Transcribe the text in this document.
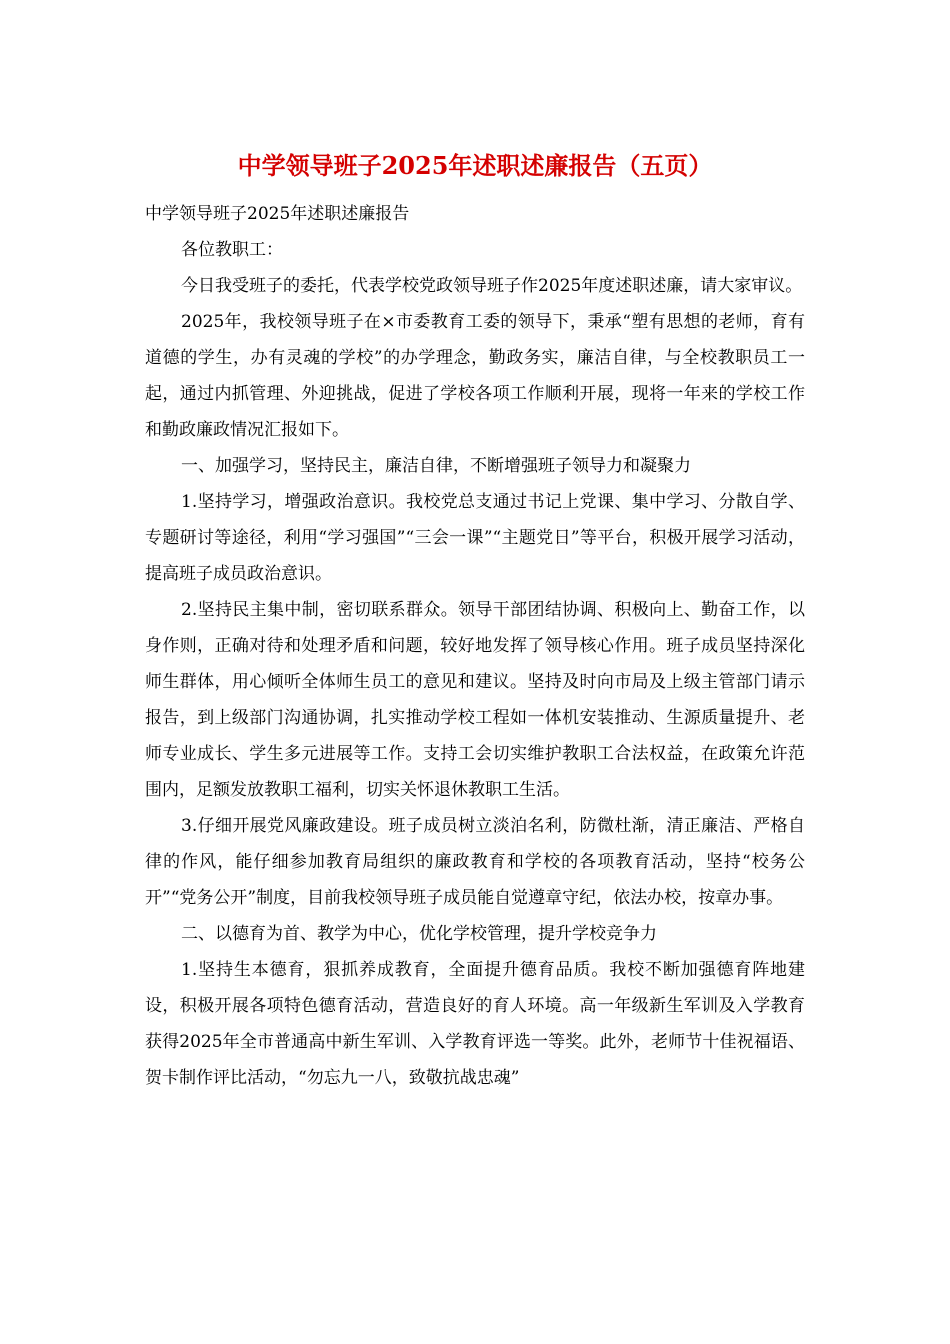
中学领导班子2025年述职述廉报告（五页）

中学领导班子2025年述职述廉报告

各位教职工：

今日我受班子的委托，代表学校党政领导班子作2025年度述职述廉，请大家审议。

2025年，我校领导班子在×市委教育工委的领导下，秉承“塑有思想的老师，育有道德的学生，办有灵魂的学校”的办学理念，勤政务实，廉洁自律，与全校教职员工一起，通过内抓管理、外迎挑战，促进了学校各项工作顺利开展，现将一年来的学校工作和勤政廉政情况汇报如下。

一、加强学习，坚持民主，廉洁自律，不断增强班子领导力和凝聚力

1.坚持学习，增强政治意识。我校党总支通过书记上党课、集中学习、分散自学、专题研讨等途径，利用“学习强国”“三会一课”“主题党日”等平台，积极开展学习活动，提高班子成员政治意识。

2.坚持民主集中制，密切联系群众。领导干部团结协调、积极向上、勤奋工作，以身作则，正确对待和处理矛盾和问题，较好地发挥了领导核心作用。班子成员坚持深化师生群体，用心倾听全体师生员工的意见和建议。坚持及时向市局及上级主管部门请示报告，到上级部门沟通协调，扎实推动学校工程如一体机安装推动、生源质量提升、老师专业成长、学生多元进展等工作。支持工会切实维护教职工合法权益，在政策允许范围内，足额发放教职工福利，切实关怀退休教职工生活。

3.仔细开展党风廉政建设。班子成员树立淡泊名利，防微杜渐，清正廉洁、严格自律的作风，能仔细参加教育局组织的廉政教育和学校的各项教育活动，坚持“校务公开”“党务公开”制度，目前我校领导班子成员能自觉遵章守纪，依法办校，按章办事。

二、以德育为首、教学为中心，优化学校管理，提升学校竞争力

1.坚持生本德育，狠抓养成教育，全面提升德育品质。我校不断加强德育阵地建设，积极开展各项特色德育活动，营造良好的育人环境。高一年级新生军训及入学教育获得2025年全市普通高中新生军训、入学教育评选一等奖。此外，老师节十佳祝福语、贺卡制作评比活动，“勿忘九一八，致敬抗战忠魂”
